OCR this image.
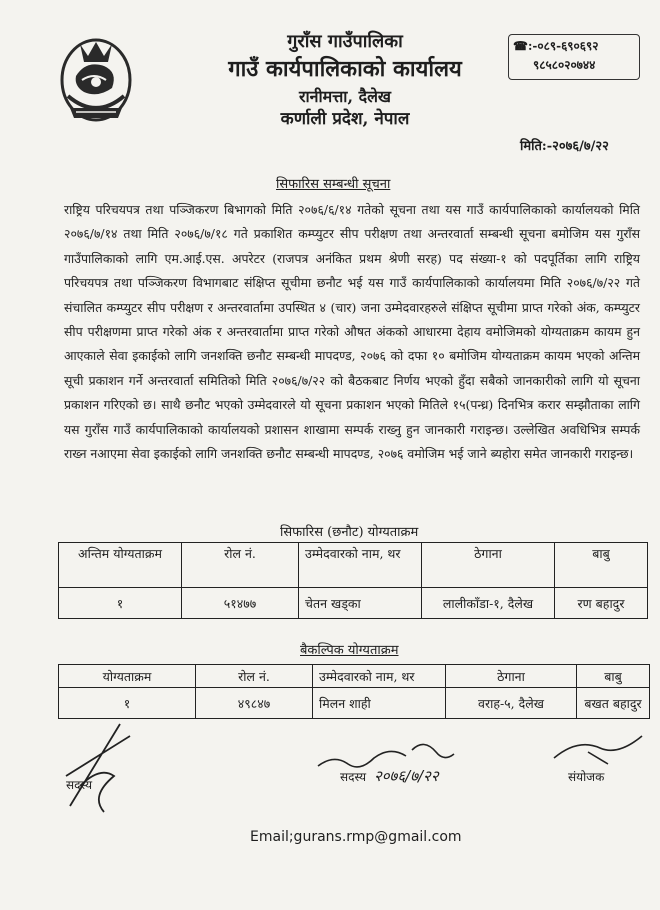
गुराँस गाउँपालिका
गाउँ कार्यपालिकाको कार्यालय
रानीमत्ता, दैलेख
कर्णाली प्रदेश, नेपाल
☎:-०८९-६९०६९२
९८५८०२०७४४
मिति:-२०७६/७/२२
सिफारिस सम्बन्धी सूचना
राष्ट्रिय परिचयपत्र तथा पञ्जिकरण बिभागको मिति २०७६/६/१४ गतेको सूचना तथा यस गाउँ कार्यपालिकाको कार्यालयको मिति २०७६/७/१४ तथा मिति २०७६/७/१८ गते प्रकाशित कम्प्युटर सीप परीक्षण तथा अन्तरवार्ता सम्बन्धी सूचना बमोजिम यस गुराँस गाउँपालिकाको लागि एम.आई.एस. अपरेटर (राजपत्र अनंकित प्रथम श्रेणी सरह) पद संख्या-१ को पदपूर्तिका लागि राष्ट्रिय परिचयपत्र तथा पञ्जिकरण विभागबाट संक्षिप्त सूचीमा छनौट भई यस गाउँ कार्यपालिकाको कार्यालयमा मिति २०७६/७/२२ गते संचालित कम्प्युटर सीप परीक्षण र अन्तरवार्तामा उपस्थित ४ (चार) जना उम्मेदवारहरुले संक्षिप्त सूचीमा प्राप्त गरेको अंक, कम्प्युटर सीप परीक्षणमा प्राप्त गरेको अंक र अन्तरवार्तामा प्राप्त गरेको औषत अंकको आधारमा देहाय वमोजिमको योग्यताक्रम कायम हुन आएकाले सेवा इकाईको लागि जनशक्ति छनौट सम्बन्धी मापदण्ड, २०७६ को दफा १० बमोजिम योग्यताक्रम कायम भएको अन्तिम सूची प्रकाशन गर्ने अन्तरवार्ता समितिको मिति २०७६/७/२२ को बैठकबाट निर्णय भएको हुँदा सबैको जानकारीको लागि यो सूचना प्रकाशन गरिएको छ। साथै छनौट भएको उम्मेदवारले यो सूचना प्रकाशन भएको मितिले १५(पन्ध्र) दिनभित्र करार सम्झौताका लागि यस गुराँस गाउँ कार्यपालिकाको कार्यालयको प्रशासन शाखामा सम्पर्क राख्नु हुन जानकारी गराइन्छ। उल्लेखित अवधिभित्र सम्पर्क राख्न नआएमा सेवा इकाईको लागि जनशक्ति छनौट सम्बन्धी मापदण्ड, २०७६ वमोजिम भई जाने ब्यहोरा समेत जानकारी गराइन्छ।
सिफारिस (छनौट) योग्यताक्रम
अन्तिम योग्यताक्रम	रोल नं.	उम्मेदवारको नाम, थर	ठेगाना	बाबु
१	५१४७७	चेतन खड्का	लालीकाँडा-१, दैलेख	रण बहादुर
बैकल्पिक योग्यताक्रम
योग्यताक्रम	रोल नं.	उम्मेदवारको नाम, थर	ठेगाना	बाबु
१	४९८४७	मिलन शाही	वराह-५, दैलेख	बखत बहादुर
सदस्य
सदस्य २०७६/७/२२	संयोजक
Email;gurans.rmp@gmail.com
